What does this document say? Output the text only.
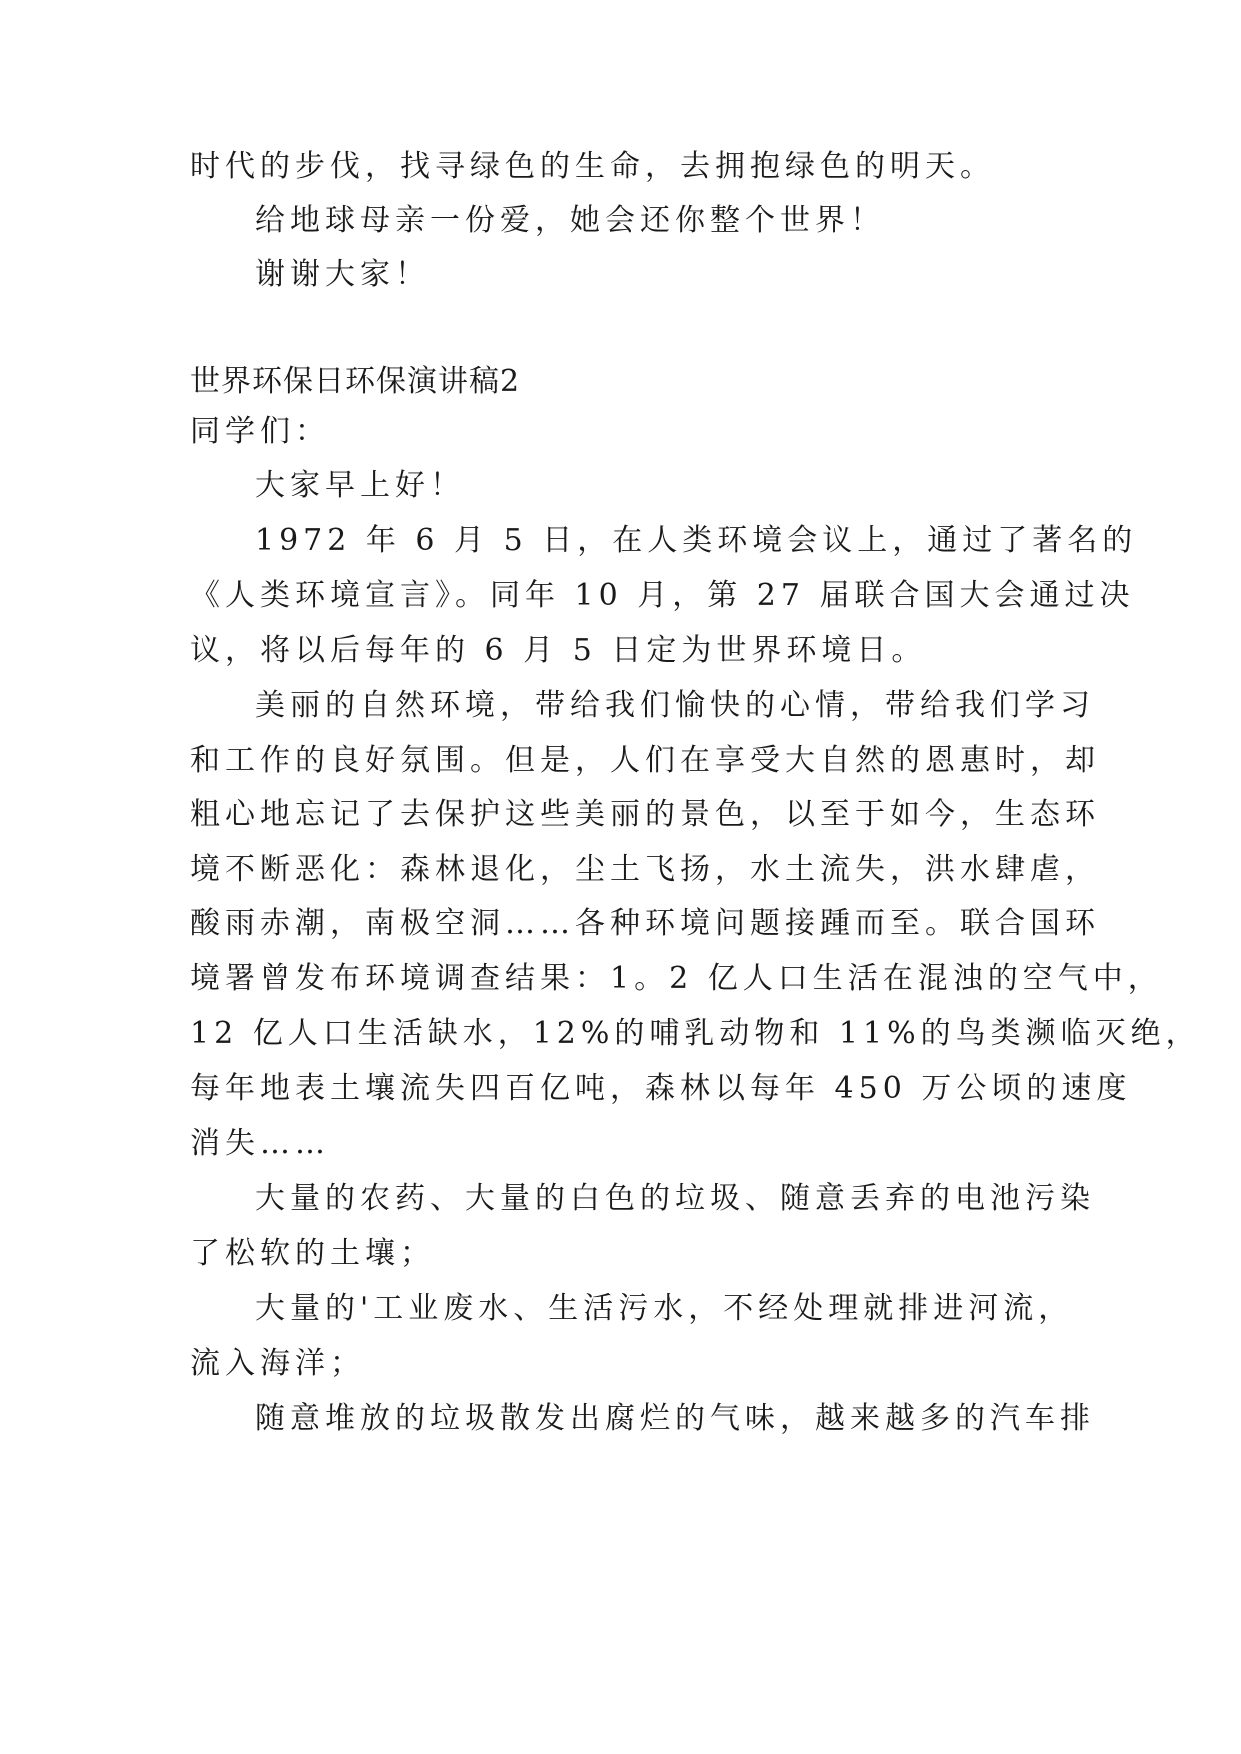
时代的步伐，找寻绿色的生命，去拥抱绿色的明天。
给地球母亲一份爱，她会还你整个世界！
谢谢大家！
世界环保日环保演讲稿2
同学们：
大家早上好！
1972 年 6 月 5 日，在人类环境会议上，通过了著名的
《人类环境宣言》。同年 10 月，第 27 届联合国大会通过决
议，将以后每年的 6 月 5 日定为世界环境日。
美丽的自然环境，带给我们愉快的心情，带给我们学习
和工作的良好氛围。但是，人们在享受大自然的恩惠时，却
粗心地忘记了去保护这些美丽的景色，以至于如今，生态环
境不断恶化：森林退化，尘土飞扬，水土流失，洪水肆虐，
酸雨赤潮，南极空洞……各种环境问题接踵而至。联合国环
境署曾发布环境调查结果：1。2 亿人口生活在混浊的空气中，
12 亿人口生活缺水，12%的哺乳动物和 11%的鸟类濒临灭绝，
每年地表土壤流失四百亿吨，森林以每年 450 万公顷的速度
消失……
大量的农药、大量的白色的垃圾、随意丢弃的电池污染
了松软的土壤；
大量的'工业废水、生活污水，不经处理就排进河流，
流入海洋；
随意堆放的垃圾散发出腐烂的气味，越来越多的汽车排
